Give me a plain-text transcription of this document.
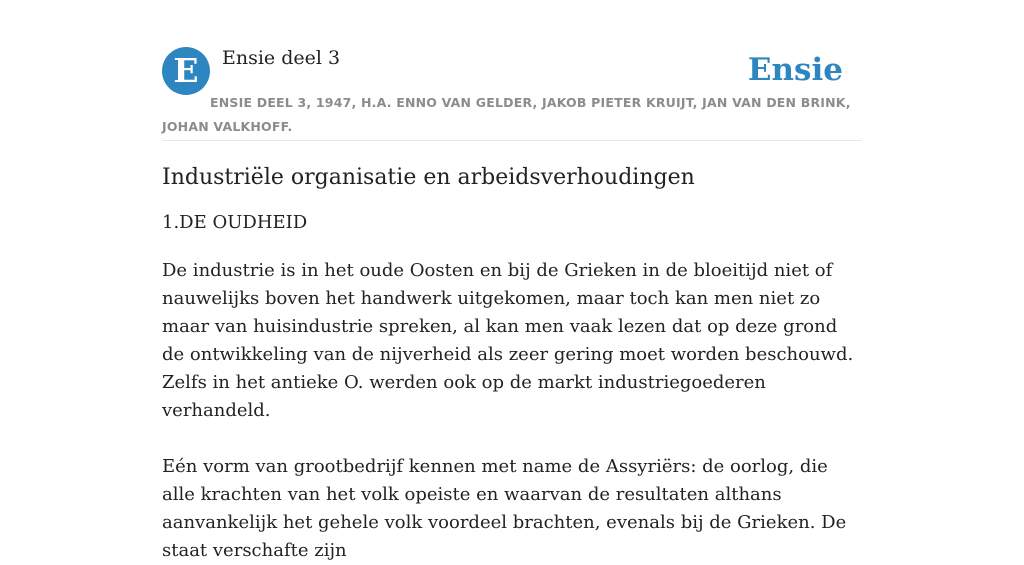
E	Ensie deel 3	Ensie
ENSIE DEEL 3, 1947, H.A. ENNO VAN GELDER, JAKOB PIETER KRUIJT, JAN VAN DEN BRINK, JOHAN VALKHOFF.
Industriële organisatie en arbeidsverhoudingen
1.DE OUDHEID

De industrie is in het oude Oosten en bij de Grieken in de bloeitijd niet of nauwelijks boven het handwerk uitgekomen, maar toch kan men niet zo maar van huisindustrie spreken, al kan men vaak lezen dat op deze grond de ontwikkeling van de nijverheid als zeer gering moet worden beschouwd. Zelfs in het antieke O. werden ook op de markt industriegoederen verhandeld.

Eén vorm van grootbedrijf kennen met name de Assyriërs: de oorlog, die alle krachten van het volk opeiste en waarvan de resultaten althans aanvankelijk het gehele volk voordeel brachten, evenals bij de Grieken. De staat verschafte zijn
